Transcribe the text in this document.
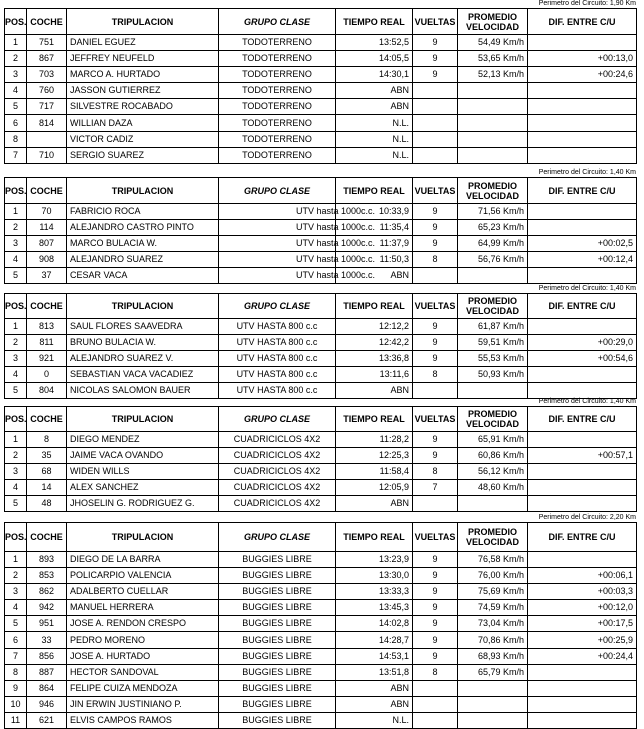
Perimetro del Circuito: 1,90 Km
POS.	COCHE	TRIPULACION	GRUPO CLASE	TIEMPO REAL	VUELTAS	PROMEDIO VELOCIDAD	DIF. ENTRE C/U
1	751	DANIEL EGUEZ	TODOTERRENO	13:52,5	9	54,49 Km/h	
2	867	JEFFREY NEUFELD	TODOTERRENO	14:05,5	9	53,65 Km/h	+00:13,0
3	703	MARCO A. HURTADO	TODOTERRENO	14:30,1	9	52,13 Km/h	+00:24,6
4	760	JASSON GUTIERREZ	TODOTERRENO	ABN			
5	717	SILVESTRE ROCABADO	TODOTERRENO	ABN			
6	814	WILLIAN DAZA	TODOTERRENO	N.L.			
8		VICTOR CADIZ	TODOTERRENO	N.L.			
7	710	SERGIO SUAREZ	TODOTERRENO	N.L.			
Perimetro del Circuito: 1,40 Km
POS.	COCHE	TRIPULACION	GRUPO CLASE	TIEMPO REAL	VUELTAS	PROMEDIO VELOCIDAD	DIF. ENTRE C/U
1	70	FABRICIO ROCA	UTV hasta 1000c.c.	10:33,9	9	71,56 Km/h	
2	114	ALEJANDRO CASTRO PINTO	UTV hasta 1000c.c.	11:35,4	9	65,23 Km/h	
3	807	MARCO BULACIA W.	UTV hasta 1000c.c.	11:37,9	9	64,99 Km/h	+00:02,5
4	908	ALEJANDRO SUAREZ	UTV hasta 1000c.c.	11:50,3	8	56,76 Km/h	+00:12,4
5	37	CESAR VACA	UTV hasta 1000c.c.	ABN			
Perimetro del Circuito: 1,40 Km
POS.	COCHE	TRIPULACION	GRUPO CLASE	TIEMPO REAL	VUELTAS	PROMEDIO VELOCIDAD	DIF. ENTRE C/U
1	813	SAUL FLORES SAAVEDRA	UTV HASTA 800 c.c	12:12,2	9	61,87 Km/h	
2	811	BRUNO BULACIA W.	UTV HASTA 800 c.c	12:42,2	9	59,51 Km/h	+00:29,0
3	921	ALEJANDRO SUAREZ V.	UTV HASTA 800 c.c	13:36,8	9	55,53 Km/h	+00:54,6
4	0	SEBASTIAN VACA VACADIEZ	UTV HASTA 800 c.c	13:11,6	8	50,93 Km/h	
5	804	NICOLAS SALOMON BAUER	UTV HASTA 800 c.c	ABN			
Perimetro del Circuito: 1,40 Km
POS.	COCHE	TRIPULACION	GRUPO CLASE	TIEMPO REAL	VUELTAS	PROMEDIO VELOCIDAD	DIF. ENTRE C/U
1	8	DIEGO MENDEZ	CUADRICICLOS 4X2	11:28,2	9	65,91 Km/h	
2	35	JAIME VACA OVANDO	CUADRICICLOS 4X2	12:25,3	9	60,86 Km/h	+00:57,1
3	68	WIDEN WILLS	CUADRICICLOS 4X2	11:58,4	8	56,12 Km/h	
4	14	ALEX SANCHEZ	CUADRICICLOS 4X2	12:05,9	7	48,60 Km/h	
5	48	JHOSELIN G. RODRIGUEZ G.	CUADRICICLOS 4X2	ABN			
Perimetro del Circuito: 2,20 Km
POS.	COCHE	TRIPULACION	GRUPO CLASE	TIEMPO REAL	VUELTAS	PROMEDIO VELOCIDAD	DIF. ENTRE C/U
1	893	DIEGO DE LA BARRA	BUGGIES LIBRE	13:23,9	9	76,58 Km/h	
2	853	POLICARPIO VALENCIA	BUGGIES LIBRE	13:30,0	9	76,00 Km/h	+00:06,1
3	862	ADALBERTO CUELLAR	BUGGIES LIBRE	13:33,3	9	75,69 Km/h	+00:03,3
4	942	MANUEL HERRERA	BUGGIES LIBRE	13:45,3	9	74,59 Km/h	+00:12,0
5	951	JOSE A. RENDON CRESPO	BUGGIES LIBRE	14:02,8	9	73,04 Km/h	+00:17,5
6	33	PEDRO MORENO	BUGGIES LIBRE	14:28,7	9	70,86 Km/h	+00:25,9
7	856	JOSE A. HURTADO	BUGGIES LIBRE	14:53,1	9	68,93 Km/h	+00:24,4
8	887	HECTOR SANDOVAL	BUGGIES LIBRE	13:51,8	8	65,79 Km/h	
9	864	FELIPE CUIZA MENDOZA	BUGGIES LIBRE	ABN			
10	946	JIN ERWIN JUSTINIANO P.	BUGGIES LIBRE	ABN			
11	621	ELVIS CAMPOS RAMOS	BUGGIES LIBRE	N.L.			
